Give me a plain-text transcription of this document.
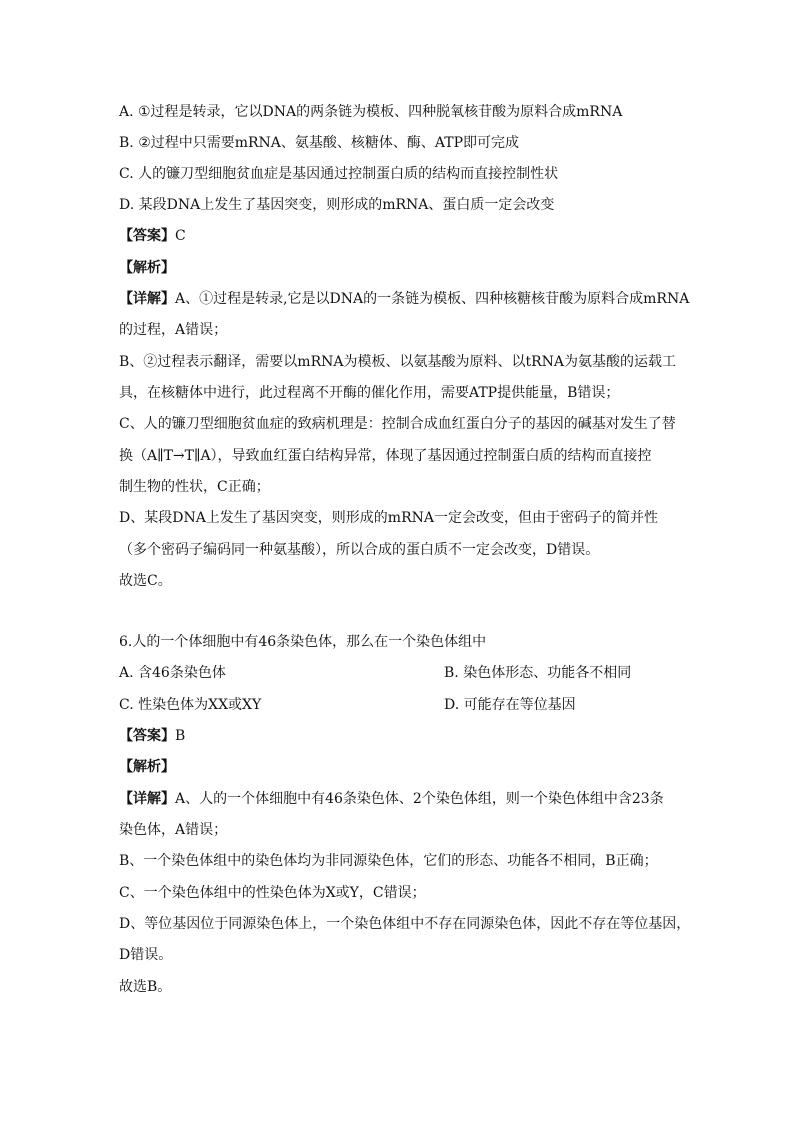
A. ①过程是转录，它以DNA的两条链为模板、四种脱氧核苷酸为原料合成mRNA
B. ②过程中只需要mRNA、氨基酸、核糖体、酶、ATP即可完成
C. 人的镰刀型细胞贫血症是基因通过控制蛋白质的结构而直接控制性状
D. 某段DNA上发生了基因突变，则形成的mRNA、蛋白质一定会改变
【答案】C
【解析】
【详解】A、①过程是转录,它是以DNA的一条链为模板、四种核糖核苷酸为原料合成mRNA
的过程，A错误；
B、②过程表示翻译，需要以mRNA为模板、以氨基酸为原料、以tRNA为氨基酸的运载工
具，在核糖体中进行，此过程离不开酶的催化作用，需要ATP提供能量，B错误；
C、人的镰刀型细胞贫血症的致病机理是：控制合成血红蛋白分子的基因的碱基对发生了替
换（A∥T→T∥A），导致血红蛋白结构异常，体现了基因通过控制蛋白质的结构而直接控
制生物的性状，C正确；
D、某段DNA上发生了基因突变，则形成的mRNA一定会改变，但由于密码子的简并性
（多个密码子编码同一种氨基酸），所以合成的蛋白质不一定会改变，D错误。
故选C。
6.人的一个体细胞中有46条染色体，那么在一个染色体组中
A. 含46条染色体	B. 染色体形态、功能各不相同
C. 性染色体为XX或XY	D. 可能存在等位基因
【答案】B
【解析】
【详解】A、人的一个体细胞中有46条染色体、2个染色体组，则一个染色体组中含23条
染色体，A错误；
B、一个染色体组中的染色体均为非同源染色体，它们的形态、功能各不相同，B正确；
C、一个染色体组中的性染色体为X或Y，C错误；
D、等位基因位于同源染色体上，一个染色体组中不存在同源染色体，因此不存在等位基因，
D错误。
故选B。
